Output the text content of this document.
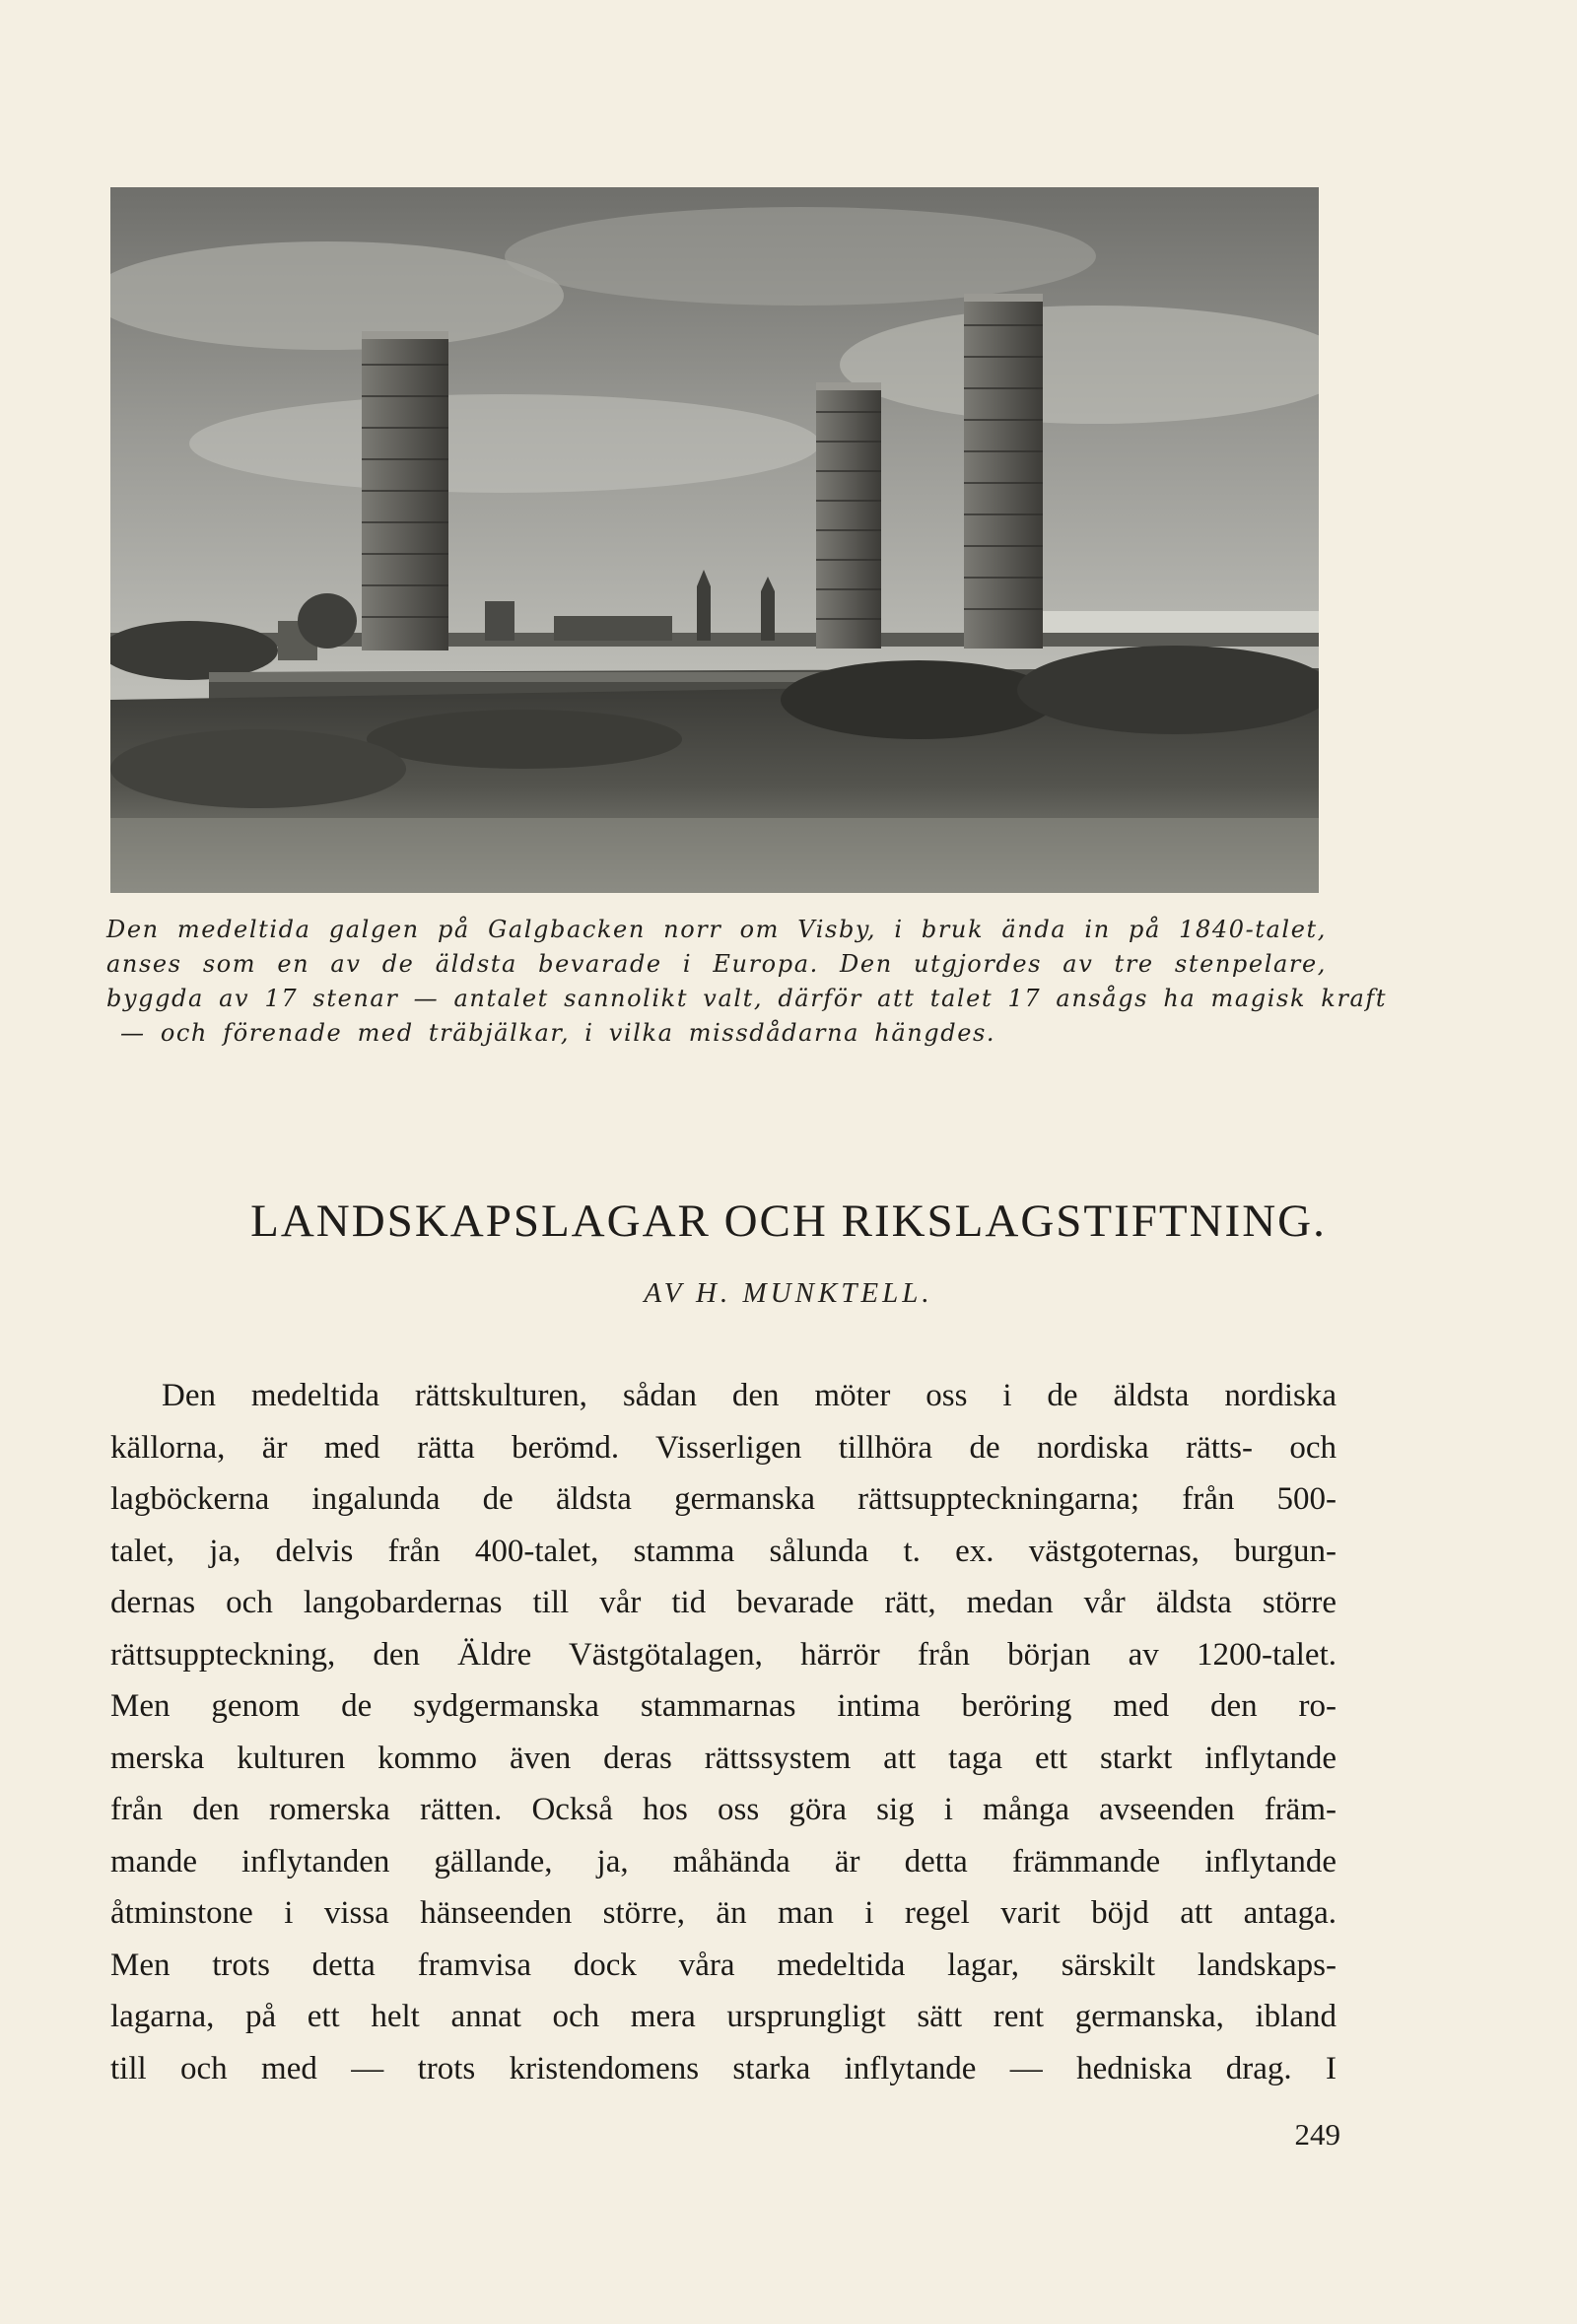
Den medeltida galgen på Galgbacken norr om Visby, i bruk ända in på 1840-talet,
anses som en av de äldsta bevarade i Europa. Den utgjordes av tre stenpelare,
byggda av 17 stenar — antalet sannolikt valt, därför att talet 17 ansågs ha magisk kraft
— och förenade med träbjälkar, i vilka missdådarna hängdes.
LANDSKAPSLAGAR OCH RIKSLAGSTIFTNING.
AV H. MUNKTELL.
Den medeltida rättskulturen, sådan den möter oss i de äldsta nordiska
källorna, är med rätta berömd. Visserligen tillhöra de nordiska rätts- och
lagböckerna ingalunda de äldsta germanska rättsuppteckningarna; från 500-
talet, ja, delvis från 400-talet, stamma sålunda t. ex. västgoternas, burgun-
dernas och langobardernas till vår tid bevarade rätt, medan vår äldsta större
rättsuppteckning, den Äldre Västgötalagen, härrör från början av 1200-talet.
Men genom de sydgermanska stammarnas intima beröring med den ro-
merska kulturen kommo även deras rättssystem att taga ett starkt inflytande
från den romerska rätten. Också hos oss göra sig i många avseenden främ-
mande inflytanden gällande, ja, måhända är detta främmande inflytande
åtminstone i vissa hänseenden större, än man i regel varit böjd att antaga.
Men trots detta framvisa dock våra medeltida lagar, särskilt landskaps-
lagarna, på ett helt annat och mera ursprungligt sätt rent germanska, ibland
till och med — trots kristendomens starka inflytande — hedniska drag. I
249
